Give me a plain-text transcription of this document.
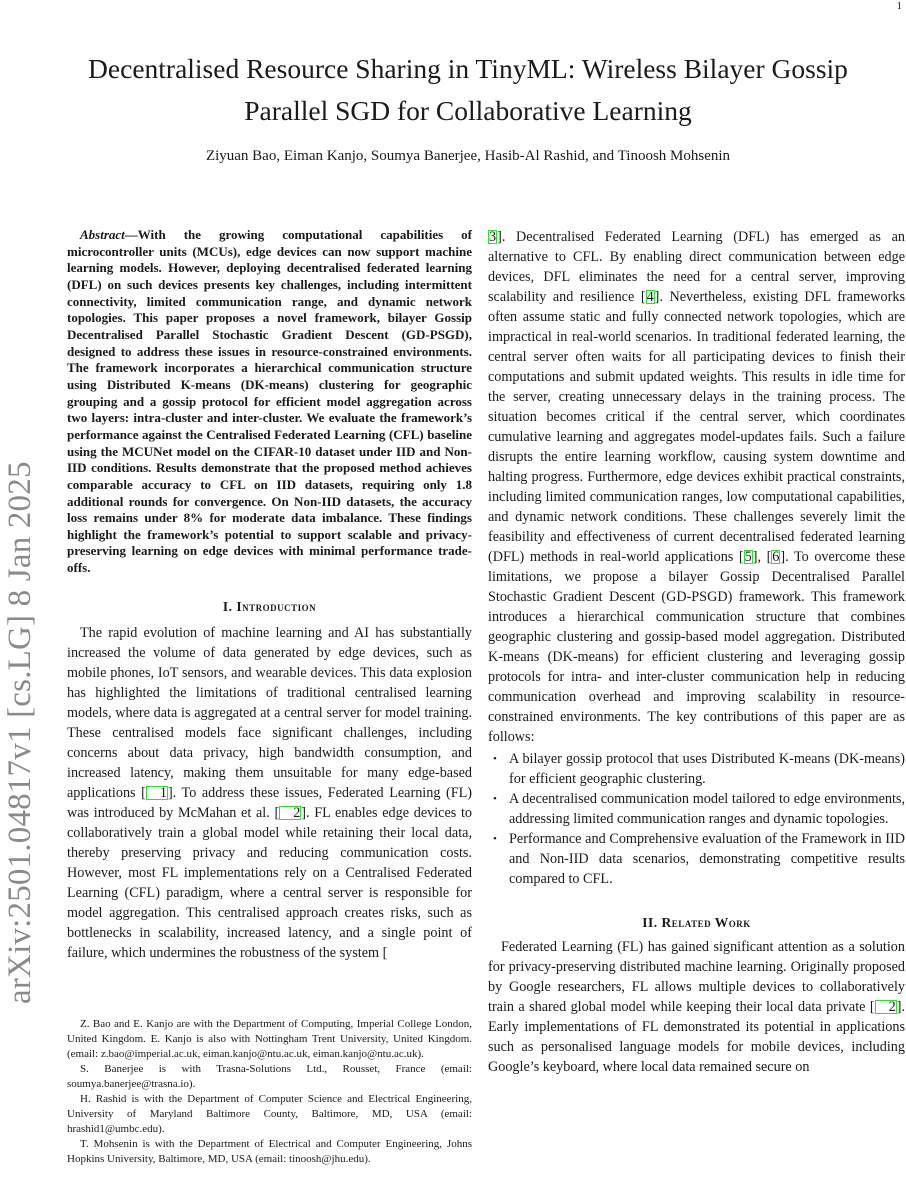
1
arXiv:2501.04817v1 [cs.LG] 8 Jan 2025
Decentralised Resource Sharing in TinyML: Wireless Bilayer Gossip
Parallel SGD for Collaborative Learning

Ziyuan Bao, Eiman Kanjo, Soumya Banerjee, Hasib-Al Rashid, and Tinoosh Mohsenin

Abstract—With the growing computational capabilities of microcontroller units (MCUs), edge devices can now support machine learning models. However, deploying decentralised federated learning (DFL) on such devices presents key challenges, including intermittent connectivity, limited communication range, and dynamic network topologies. This paper proposes a novel framework, bilayer Gossip Decentralised Parallel Stochastic Gradient Descent (GD-PSGD), designed to address these issues in resource-constrained environments. The framework incorporates a hierarchical communication structure using Distributed K-means (DK-means) clustering for geographic grouping and a gossip protocol for efficient model aggregation across two layers: intra-cluster and inter-cluster. We evaluate the framework’s performance against the Centralised Federated Learning (CFL) baseline using the MCUNet model on the CIFAR-10 dataset under IID and Non-IID conditions. Results demonstrate that the proposed method achieves comparable accuracy to CFL on IID datasets, requiring only 1.8 additional rounds for convergence. On Non-IID datasets, the accuracy loss remains under 8% for moderate data imbalance. These findings highlight the framework’s potential to support scalable and privacy-preserving learning on edge devices with minimal performance trade-offs.

I. Introduction

The rapid evolution of machine learning and AI has substantially increased the volume of data generated by edge devices, such as mobile phones, IoT sensors, and wearable devices. This data explosion has highlighted the limitations of traditional centralised learning models, where data is aggregated at a central server for model training. These centralised models face significant challenges, including concerns about data privacy, high bandwidth consumption, and increased latency, making them unsuitable for many edge-based applications [ 1]. To address these issues, Federated Learning (FL) was introduced by McMahan et al. [ 2]. FL enables edge devices to collaboratively train a global model while retaining their local data, thereby preserving privacy and reducing communication costs. However, most FL implementations rely on a Centralised Federated Learning (CFL) paradigm, where a central server is responsible for model aggregation. This centralised approach creates risks, such as bottlenecks in scalability, increased latency, and a single point of failure, which undermines the robustness of the system [

3]. Decentralised Federated Learning (DFL) has emerged as an alternative to CFL. By enabling direct communication between edge devices, DFL eliminates the need for a central server, improving scalability and resilience [4]. Nevertheless, existing DFL frameworks often assume static and fully connected network topologies, which are impractical in real-world scenarios. In traditional federated learning, the central server often waits for all participating devices to finish their computations and submit updated weights. This results in idle time for the server, creating unnecessary delays in the training process. The situation becomes critical if the central server, which coordinates cumulative learning and aggregates model-updates fails. Such a failure disrupts the entire learning workflow, causing system downtime and halting progress. Furthermore, edge devices exhibit practical constraints, including limited communication ranges, low computational capabilities, and dynamic network conditions. These challenges severely limit the feasibility and effectiveness of current decentralised federated learning (DFL) methods in real-world applications [5], [6]. To overcome these limitations, we propose a bilayer Gossip Decentralised Parallel Stochastic Gradient Descent (GD-PSGD) framework. This framework introduces a hierarchical communication structure that combines geographic clustering and gossip-based model aggregation. Distributed K-means (DK-means) for efficient clustering and leveraging gossip protocols for intra- and inter-cluster communication help in reducing communication overhead and improving scalability in resource-constrained environments. The key contributions of this paper are as follows:

• A bilayer gossip protocol that uses Distributed K-means (DK-means) for efficient geographic clustering.
• A decentralised communication model tailored to edge environments, addressing limited communication ranges and dynamic topologies.
• Performance and Comprehensive evaluation of the Framework in IID and Non-IID data scenarios, demonstrating competitive results compared to CFL.
II. Related Work

Federated Learning (FL) has gained significant attention as a solution for privacy-preserving distributed machine learning. Originally proposed by Google researchers, FL allows multiple devices to collaboratively train a shared global model while keeping their local data private [ 2]. Early implementations of FL demonstrated its potential in applications such as personalised language models for mobile devices, including Google’s keyboard, where local data remained secure on

Z. Bao and E. Kanjo are with the Department of Computing, Imperial College London, United Kingdom. E. Kanjo is also with Nottingham Trent University, United Kingdom. (email: z.bao@imperial.ac.uk, eiman.kanjo@ntu.ac.uk, eiman.kanjo@ntu.ac.uk).

S. Banerjee is with Trasna-Solutions Ltd., Rousset, France (email: soumya.banerjee@trasna.io).

H. Rashid is with the Department of Computer Science and Electrical Engineering, University of Maryland Baltimore County, Baltimore, MD, USA (email: hrashid1@umbc.edu).

T. Mohsenin is with the Department of Electrical and Computer Engineering, Johns Hopkins University, Baltimore, MD, USA (email: tinoosh@jhu.edu).
